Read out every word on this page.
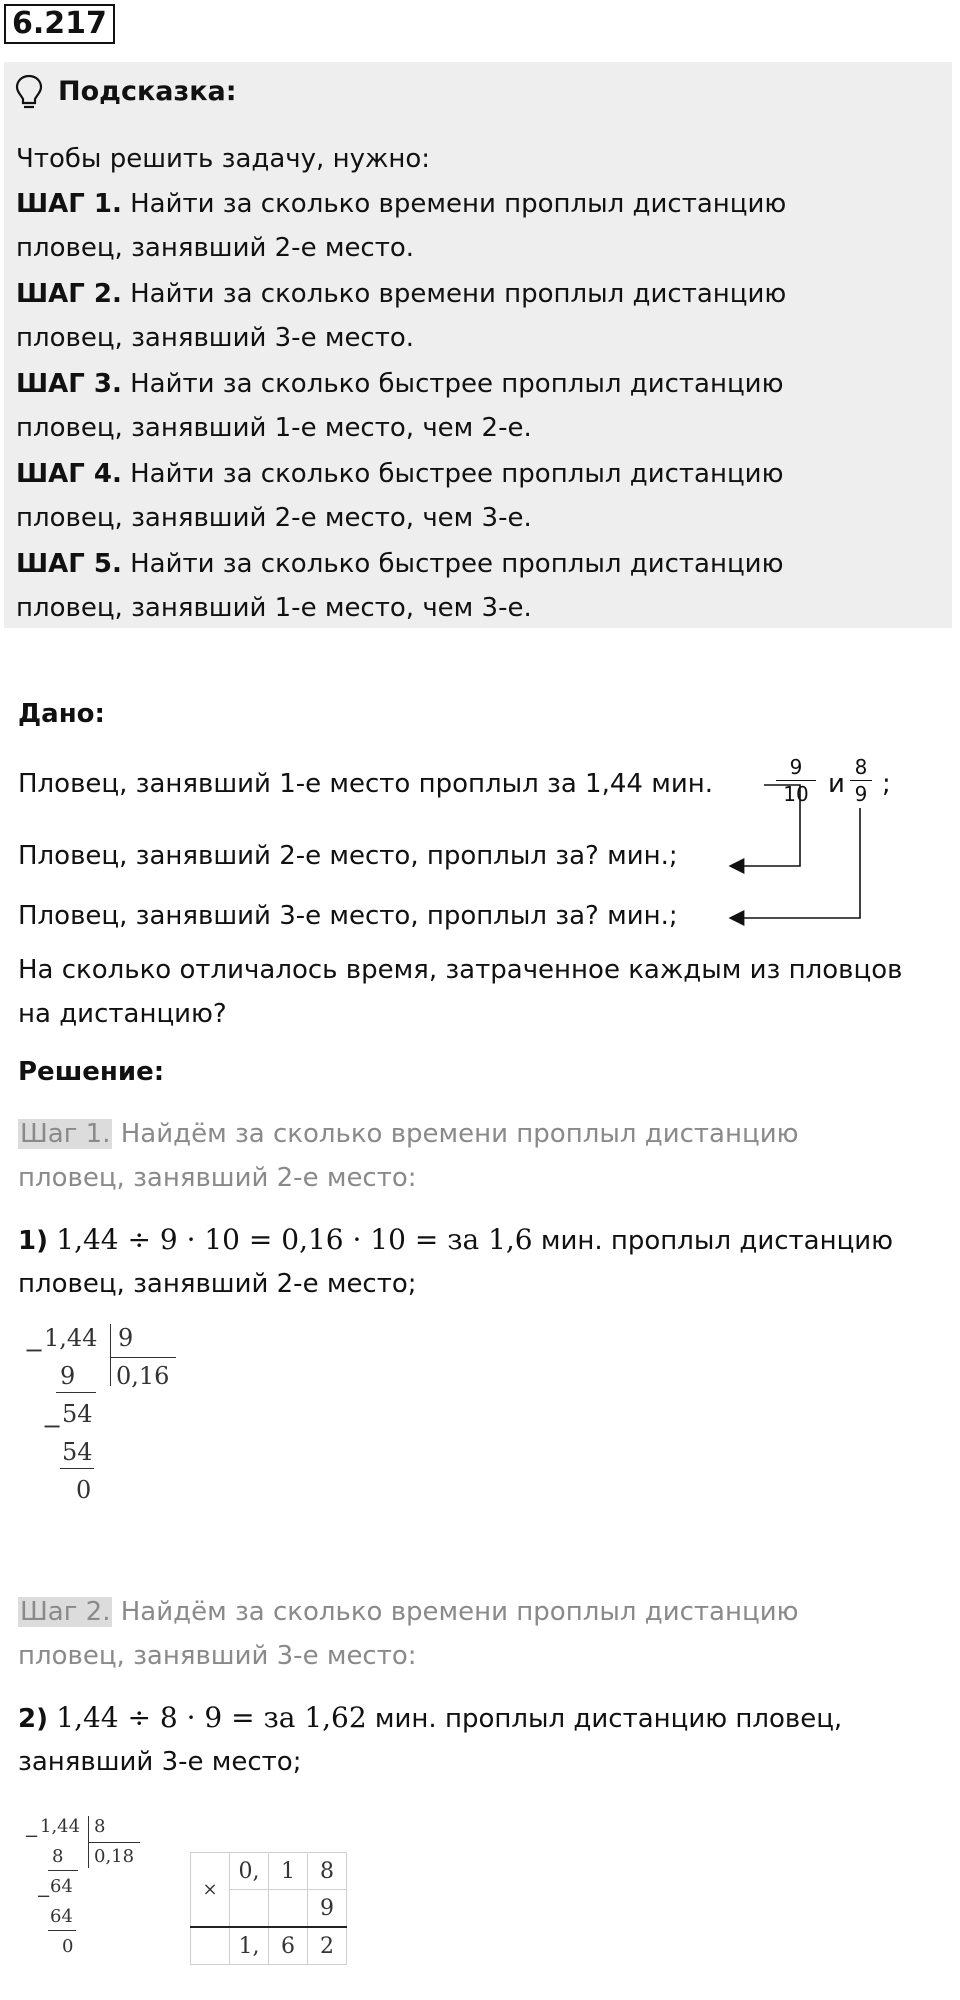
6.217
Подсказка:
Чтобы решить задачу, нужно:
ШАГ 1. Найти за сколько времени проплыл дистанцию
пловец, занявший 2-е место.
ШАГ 2. Найти за сколько времени проплыл дистанцию
пловец, занявший 3-е место.
ШАГ 3. Найти за сколько быстрее проплыл дистанцию
пловец, занявший 1-е место, чем 2-е.
ШАГ 4. Найти за сколько быстрее проплыл дистанцию
пловец, занявший 2-е место, чем 3-е.
ШАГ 5. Найти за сколько быстрее проплыл дистанцию
пловец, занявший 1-е место, чем 3-е.
Дано:
Пловец, занявший 1-е место проплыл за 1,44 мин.	$\frac{9}{10}$ и $\frac{8}{9}$ ;
Пловец, занявший 2-е место, проплыл за? мин.;
Пловец, занявший 3-е место, проплыл за? мин.;
На сколько отличалось время, затраченное каждым из пловцов
на дистанцию?
Решение:
Шаг 1. Найдём за сколько времени проплыл дистанцию
пловец, занявший 2-е место:
1) 1,44 ÷ 9 · 10 = 0,16 · 10 = за 1,6 мин. проплыл дистанцию
пловец, занявший 2-е место;
− 1,44 9
0,16
9
− 54
54
0
Шаг 2. Найдём за сколько времени проплыл дистанцию
пловец, занявший 3-е место:
2) 1,44 ÷ 8 · 9 = за 1,62 мин. проплыл дистанцию пловец,
занявший 3-е место;
− 1,44 8
0,18
8
−
64
64
0
×	0,	1	8
			9
	1,	6	2
